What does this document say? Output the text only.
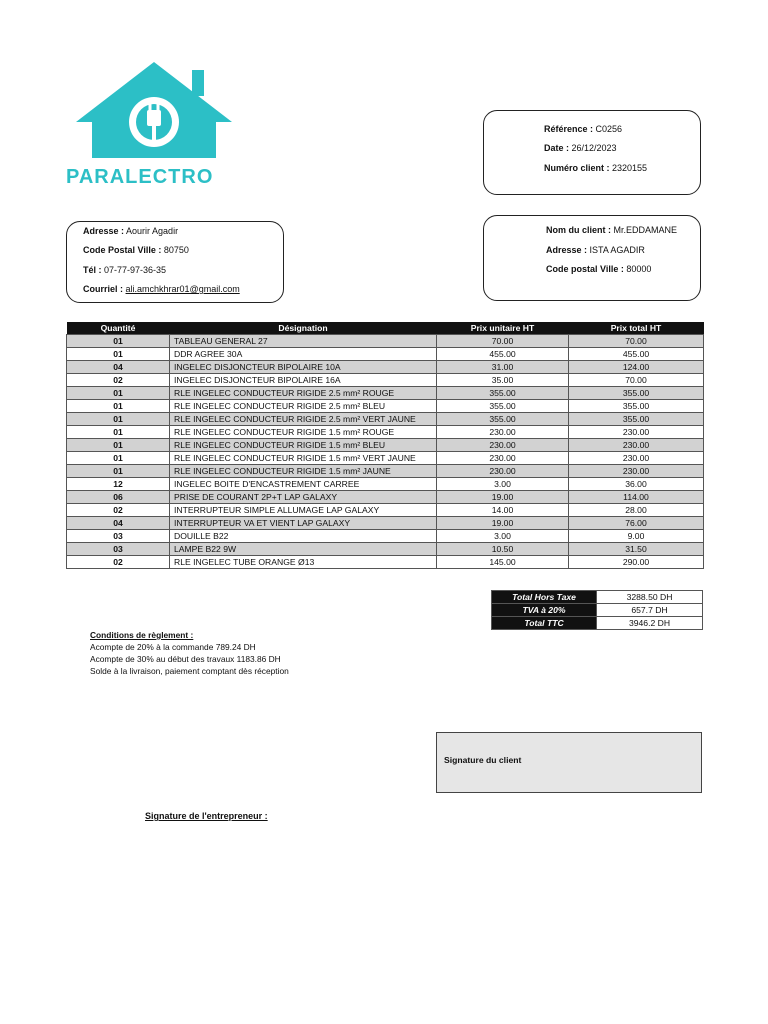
PARALECTRO
Référence : C0256
Date : 26/12/2023
Numéro client : 2320155
Adresse : Aourir Agadir
Code Postal Ville : 80750
Tél : 07-77-97-36-35
Courriel : ali.amchkhrar01@gmail.com
Nom du client : Mr.EDDAMANE
Adresse : ISTA AGADIR
Code postal Ville : 80000
Quantité	Désignation	Prix unitaire HT	Prix total HT
01	TABLEAU GENERAL 27	70.00	70.00
01	DDR AGREE 30A	455.00	455.00
04	INGELEC DISJONCTEUR BIPOLAIRE 10A	31.00	124.00
02	INGELEC DISJONCTEUR BIPOLAIRE 16A	35.00	70.00
01	RLE INGELEC CONDUCTEUR RIGIDE 2.5 mm² ROUGE	355.00	355.00
01	RLE INGELEC CONDUCTEUR RIGIDE 2.5 mm² BLEU	355.00	355.00
01	RLE INGELEC CONDUCTEUR RIGIDE 2.5 mm² VERT JAUNE	355.00	355.00
01	RLE INGELEC CONDUCTEUR RIGIDE 1.5 mm² ROUGE	230.00	230.00
01	RLE INGELEC CONDUCTEUR RIGIDE 1.5 mm² BLEU	230.00	230.00
01	RLE INGELEC CONDUCTEUR RIGIDE 1.5 mm² VERT JAUNE	230.00	230.00
01	RLE INGELEC CONDUCTEUR RIGIDE 1.5 mm² JAUNE	230.00	230.00
12	INGELEC BOITE D'ENCASTREMENT CARREE	3.00	36.00
06	PRISE DE COURANT 2P+T LAP GALAXY	19.00	114.00
02	INTERRUPTEUR SIMPLE ALLUMAGE LAP GALAXY	14.00	28.00
04	INTERRUPTEUR VA ET VIENT LAP GALAXY	19.00	76.00
03	DOUILLE B22	3.00	9.00
03	LAMPE B22 9W	10.50	31.50
02	RLE INGELEC TUBE ORANGE Ø13	145.00	290.00
Total Hors Taxe	3288.50 DH
TVA à 20%	657.7 DH
Total TTC	3946.2 DH
Conditions de règlement :
Acompte de 20% à la commande 789.24 DH
Acompte de 30% au début des travaux 1183.86 DH
Solde à la livraison, paiement comptant dès réception
Signature du client
Signature de l'entrepreneur :
